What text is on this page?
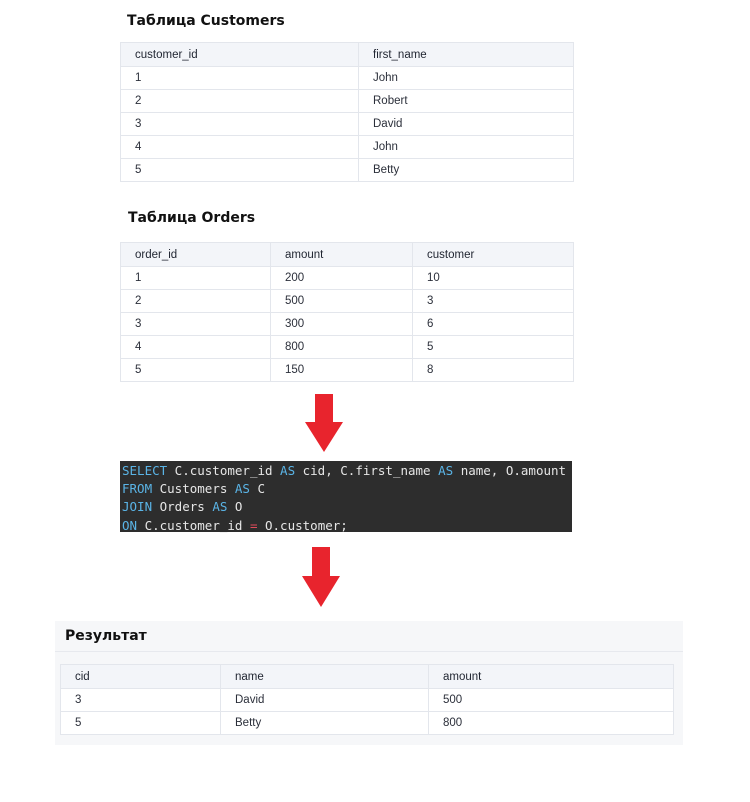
Таблица Customers
customer_id	first_name
1	John
2	Robert
3	David
4	John
5	Betty
Таблица Orders
order_id	amount	customer
1	200	10
2	500	3
3	300	6
4	800	5
5	150	8
SELECT C.customer_id AS cid, C.first_name AS name, O.amount
FROM Customers AS C
JOIN Orders AS O
ON C.customer_id = O.customer;
Результат
cid	name	amount
3	David	500
5	Betty	800
